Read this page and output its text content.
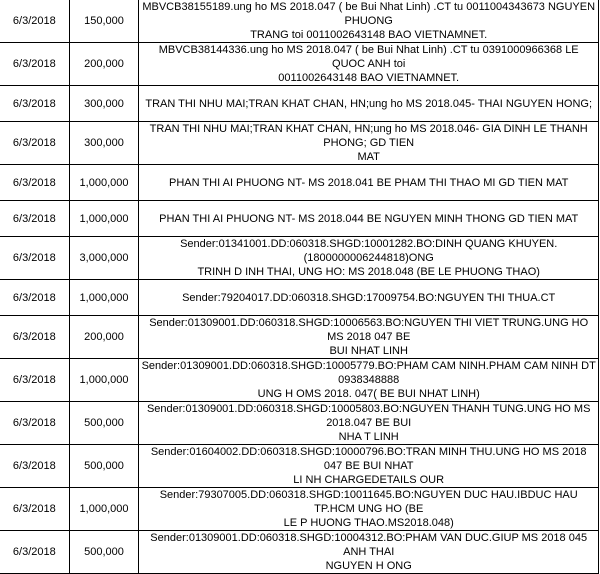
6/3/2018	150,000	MBVCB38155189.ung ho MS 2018.047 ( be Bui Nhat Linh) .CT tu 0011004343673 NGUYEN PHUONG
TRANG toi 0011002643148 BAO VIETNAMNET.

6/3/2018	200,000	MBVCB38144336.ung ho MS 2018.047 ( be Bui Nhat Linh) .CT tu 0391000966368 LE QUOC ANH toi
0011002643148 BAO VIETNAMNET.

6/3/2018	300,000	TRAN THI NHU MAI;TRAN KHAT CHAN, HN;ung ho MS 2018.045- THAI NGUYEN HONG;

6/3/2018	300,000	TRAN THI NHU MAI;TRAN KHAT CHAN, HN;ung ho MS 2018.046- GIA DINH LE THANH PHONG; GD TIEN
MAT

6/3/2018	1,000,000	PHAN THI AI PHUONG NT- MS 2018.041 BE PHAM THI THAO MI GD TIEN MAT

6/3/2018	1,000,000	PHAN THI AI PHUONG NT- MS 2018.044 BE NGUYEN MINH THONG GD TIEN MAT

6/3/2018	3,000,000	Sender:01341001.DD:060318.SHGD:10001282.BO:DINH QUANG KHUYEN.(1800000006244818)ONG
TRINH D INH THAI, UNG HO: MS 2018.048 (BE LE PHUONG THAO)

6/3/2018	1,000,000	Sender:79204017.DD:060318.SHGD:17009754.BO:NGUYEN THI THUA.CT

6/3/2018	200,000	Sender:01309001.DD:060318.SHGD:10006563.BO:NGUYEN THI VIET TRUNG.UNG HO MS 2018 047 BE
BUI NHAT LINH

6/3/2018	1,000,000	Sender:01309001.DD:060318.SHGD:10005779.BO:PHAM CAM NINH.PHAM CAM NINH DT 0938348888
UNG H OMS 2018. 047( BE BUI NHAT LINH)

6/3/2018	500,000	Sender:01309001.DD:060318.SHGD:10005803.BO:NGUYEN THANH TUNG.UNG HO MS 2018.047 BE BUI
NHA T LINH

6/3/2018	500,000	Sender:01604002.DD:060318.SHGD:10000796.BO:TRAN MINH THU.UNG HO MS 2018 047 BE BUI NHAT
LI NH CHARGEDETAILS OUR

6/3/2018	1,000,000	Sender:79307005.DD:060318.SHGD:10011645.BO:NGUYEN DUC HAU.IBDUC HAU TP.HCM UNG HO (BE
LE P HUONG THAO.MS2018.048)

6/3/2018	500,000	Sender:01309001.DD:060318.SHGD:10004312.BO:PHAM VAN DUC.GIUP MS 2018 045 ANH THAI
NGUYEN H ONG
